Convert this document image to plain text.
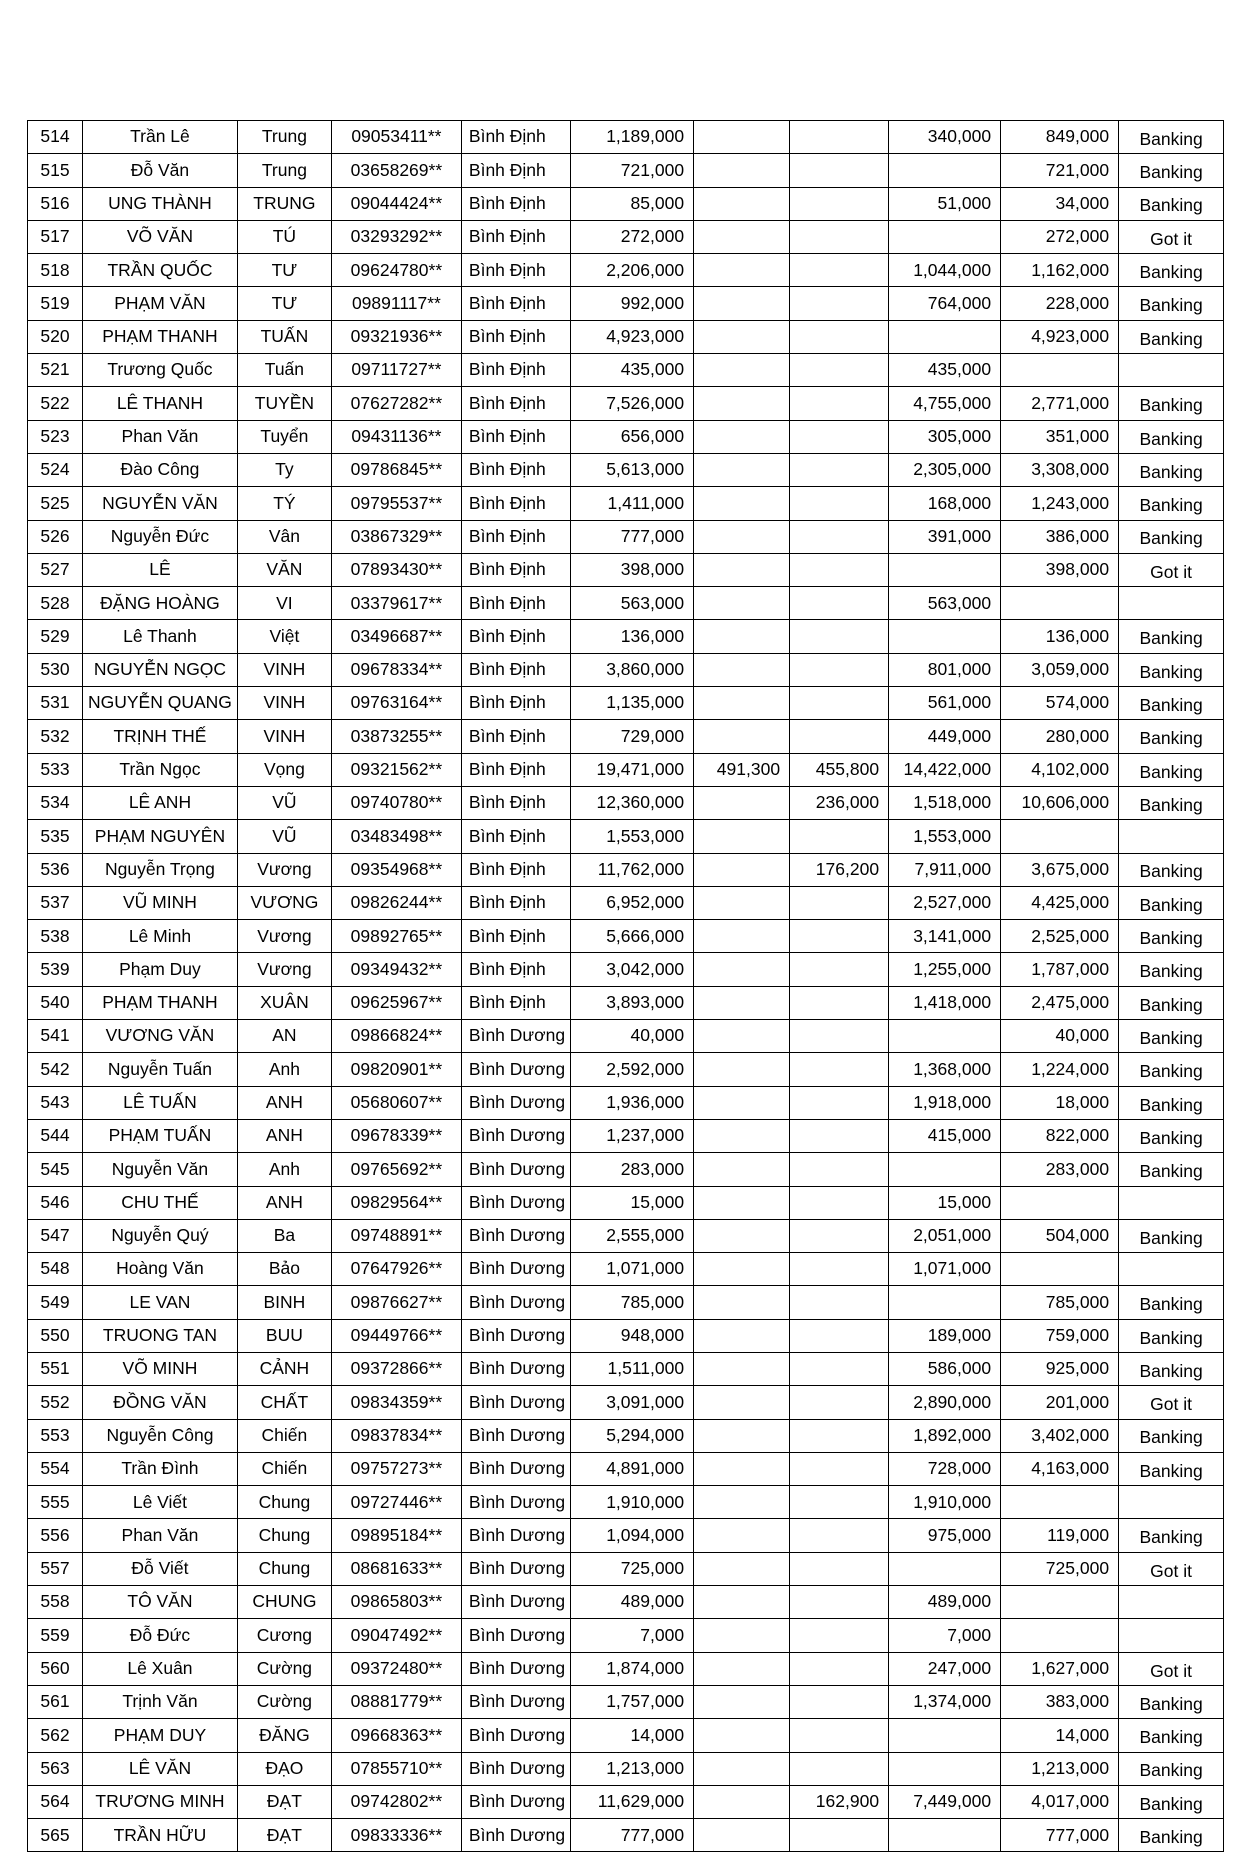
514	Trần Lê	Trung	09053411**	Bình Định	1,189,000			340,000	849,000	Banking
515	Đỗ Văn	Trung	03658269**	Bình Định	721,000				721,000	Banking
516	UNG THÀNH	TRUNG	09044424**	Bình Định	85,000			51,000	34,000	Banking
517	VÕ VĂN	TÚ	03293292**	Bình Định	272,000				272,000	Got it
518	TRẦN QUỐC	TƯ	09624780**	Bình Định	2,206,000			1,044,000	1,162,000	Banking
519	PHẠM VĂN	TƯ	09891117**	Bình Định	992,000			764,000	228,000	Banking
520	PHẠM THANH	TUẤN	09321936**	Bình Định	4,923,000				4,923,000	Banking
521	Trương Quốc	Tuấn	09711727**	Bình Định	435,000			435,000		
522	LÊ THANH	TUYỀN	07627282**	Bình Định	7,526,000			4,755,000	2,771,000	Banking
523	Phan Văn	Tuyển	09431136**	Bình Định	656,000			305,000	351,000	Banking
524	Đào Công	Ty	09786845**	Bình Định	5,613,000			2,305,000	3,308,000	Banking
525	NGUYỄN VĂN	TÝ	09795537**	Bình Định	1,411,000			168,000	1,243,000	Banking
526	Nguyễn Đức	Vân	03867329**	Bình Định	777,000			391,000	386,000	Banking
527	LÊ	VĂN	07893430**	Bình Định	398,000				398,000	Got it
528	ĐẶNG HOÀNG	VI	03379617**	Bình Định	563,000			563,000		
529	Lê Thanh	Việt	03496687**	Bình Định	136,000				136,000	Banking
530	NGUYỄN NGỌC	VINH	09678334**	Bình Định	3,860,000			801,000	3,059,000	Banking
531	NGUYỄN QUANG	VINH	09763164**	Bình Định	1,135,000			561,000	574,000	Banking
532	TRỊNH THẾ	VINH	03873255**	Bình Định	729,000			449,000	280,000	Banking
533	Trần Ngọc	Vọng	09321562**	Bình Định	19,471,000	491,300	455,800	14,422,000	4,102,000	Banking
534	LÊ ANH	VŨ	09740780**	Bình Định	12,360,000		236,000	1,518,000	10,606,000	Banking
535	PHẠM NGUYÊN	VŨ	03483498**	Bình Định	1,553,000			1,553,000		
536	Nguyễn Trọng	Vương	09354968**	Bình Định	11,762,000		176,200	7,911,000	3,675,000	Banking
537	VŨ MINH	VƯƠNG	09826244**	Bình Định	6,952,000			2,527,000	4,425,000	Banking
538	Lê Minh	Vương	09892765**	Bình Định	5,666,000			3,141,000	2,525,000	Banking
539	Phạm Duy	Vương	09349432**	Bình Định	3,042,000			1,255,000	1,787,000	Banking
540	PHẠM THANH	XUÂN	09625967**	Bình Định	3,893,000			1,418,000	2,475,000	Banking
541	VƯƠNG VĂN	AN	09866824**	Bình Dương	40,000				40,000	Banking
542	Nguyễn Tuấn	Anh	09820901**	Bình Dương	2,592,000			1,368,000	1,224,000	Banking
543	LÊ TUẤN	ANH	05680607**	Bình Dương	1,936,000			1,918,000	18,000	Banking
544	PHẠM TUẤN	ANH	09678339**	Bình Dương	1,237,000			415,000	822,000	Banking
545	Nguyễn Văn	Anh	09765692**	Bình Dương	283,000				283,000	Banking
546	CHU THẾ	ANH	09829564**	Bình Dương	15,000			15,000		
547	Nguyễn Quý	Ba	09748891**	Bình Dương	2,555,000			2,051,000	504,000	Banking
548	Hoàng Văn	Bảo	07647926**	Bình Dương	1,071,000			1,071,000		
549	LE VAN	BINH	09876627**	Bình Dương	785,000				785,000	Banking
550	TRUONG TAN	BUU	09449766**	Bình Dương	948,000			189,000	759,000	Banking
551	VÕ MINH	CẢNH	09372866**	Bình Dương	1,511,000			586,000	925,000	Banking
552	ĐỒNG VĂN	CHẤT	09834359**	Bình Dương	3,091,000			2,890,000	201,000	Got it
553	Nguyễn Công	Chiến	09837834**	Bình Dương	5,294,000			1,892,000	3,402,000	Banking
554	Trần Đình	Chiến	09757273**	Bình Dương	4,891,000			728,000	4,163,000	Banking
555	Lê Viết	Chung	09727446**	Bình Dương	1,910,000			1,910,000		
556	Phan Văn	Chung	09895184**	Bình Dương	1,094,000			975,000	119,000	Banking
557	Đỗ Viết	Chung	08681633**	Bình Dương	725,000				725,000	Got it
558	TÔ VĂN	CHUNG	09865803**	Bình Dương	489,000			489,000		
559	Đỗ Đức	Cương	09047492**	Bình Dương	7,000			7,000		
560	Lê Xuân	Cường	09372480**	Bình Dương	1,874,000			247,000	1,627,000	Got it
561	Trịnh Văn	Cường	08881779**	Bình Dương	1,757,000			1,374,000	383,000	Banking
562	PHẠM DUY	ĐĂNG	09668363**	Bình Dương	14,000				14,000	Banking
563	LÊ VĂN	ĐẠO	07855710**	Bình Dương	1,213,000				1,213,000	Banking
564	TRƯƠNG MINH	ĐẠT	09742802**	Bình Dương	11,629,000		162,900	7,449,000	4,017,000	Banking
565	TRẦN HỮU	ĐẠT	09833336**	Bình Dương	777,000				777,000	Banking
